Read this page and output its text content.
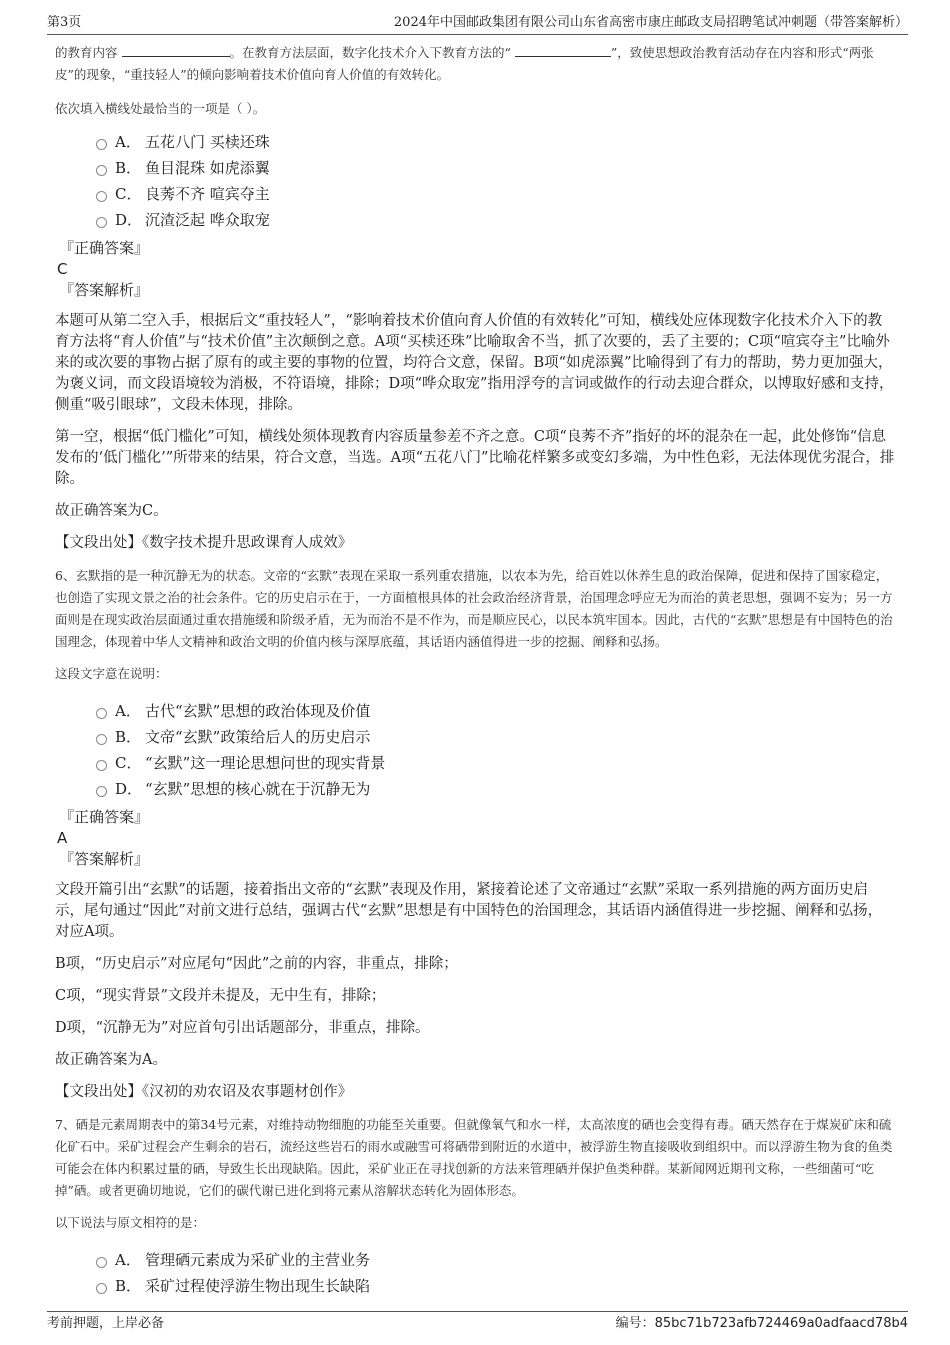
第3页	2024年中国邮政集团有限公司山东省高密市康庄邮政支局招聘笔试冲刺题（带答案解析）

的教育内容	。在教育方法层面，数字化技术介入下教育方法的“	”，致使思想政治教育活动存在内容和形式“两张皮”的现象，“重技轻人”的倾向影响着技术价值向育人价值的有效转化。

依次填入横线处最恰当的一项是（ ）。

A． 五花八门 买椟还珠
B． 鱼目混珠 如虎添翼
C． 良莠不齐 喧宾夺主
D． 沉渣泛起 哗众取宠

『正确答案』

C

『答案解析』

本题可从第二空入手，根据后文“重技轻人”，“影响着技术价值向育人价值的有效转化”可知，横线处应体现数字化技术介入下的教育方法将“育人价值”与“技术价值”主次颠倒之意。A项“买椟还珠”比喻取舍不当，抓了次要的，丢了主要的；C项“喧宾夺主”比喻外来的或次要的事物占据了原有的或主要的事物的位置，均符合文意，保留。B项“如虎添翼”比喻得到了有力的帮助，势力更加强大，为褒义词，而文段语境较为消极，不符语境，排除；D项“哗众取宠”指用浮夸的言词或做作的行动去迎合群众，以博取好感和支持，侧重“吸引眼球”，文段未体现，排除。

第一空，根据“低门槛化”可知，横线处须体现教育内容质量参差不齐之意。C项“良莠不齐”指好的坏的混杂在一起，此处修饰“信息发布的‘低门槛化’”所带来的结果，符合文意，当选。A项“五花八门”比喻花样繁多或变幻多端，为中性色彩，无法体现优劣混合，排除。

故正确答案为C。

【文段出处】《数字技术提升思政课育人成效》

6、玄默指的是一种沉静无为的状态。文帝的“玄默”表现在采取一系列重农措施，以农本为先，给百姓以休养生息的政治保障，促进和保持了国家稳定，也创造了实现文景之治的社会条件。它的历史启示在于，一方面植根具体的社会政治经济背景，治国理念呼应无为而治的黄老思想，强调不妄为；另一方面则是在现实政治层面通过重农措施缓和阶级矛盾，无为而治不是不作为，而是顺应民心，以民本筑牢国本。因此，古代的“玄默”思想是有中国特色的治国理念，体现着中华人文精神和政治文明的价值内核与深厚底蕴，其话语内涵值得进一步的挖掘、阐释和弘扬。

这段文字意在说明：

A． 古代“玄默”思想的政治体现及价值
B． 文帝“玄默”政策给后人的历史启示
C． “玄默”这一理论思想问世的现实背景
D． “玄默”思想的核心就在于沉静无为

『正确答案』

A

『答案解析』

文段开篇引出“玄默”的话题，接着指出文帝的“玄默”表现及作用，紧接着论述了文帝通过“玄默”采取一系列措施的两方面历史启示，尾句通过“因此”对前文进行总结，强调古代“玄默”思想是有中国特色的治国理念，其话语内涵值得进一步挖掘、阐释和弘扬，对应A项。

B项，“历史启示”对应尾句“因此”之前的内容，非重点，排除；

C项，“现实背景”文段并未提及，无中生有，排除；

D项，“沉静无为”对应首句引出话题部分，非重点，排除。

故正确答案为A。

【文段出处】《汉初的劝农诏及农事题材创作》

7、硒是元素周期表中的第34号元素，对维持动物细胞的功能至关重要。但就像氧气和水一样，太高浓度的硒也会变得有毒。硒天然存在于煤炭矿床和硫化矿石中。采矿过程会产生剩余的岩石，流经这些岩石的雨水或融雪可将硒带到附近的水道中，被浮游生物直接吸收到组织中。而以浮游生物为食的鱼类可能会在体内积累过量的硒，导致生长出现缺陷。因此，采矿业正在寻找创新的方法来管理硒并保护鱼类种群。某新闻网近期刊文称，一些细菌可“吃掉”硒。或者更确切地说，它们的碳代谢已进化到将元素从溶解状态转化为固体形态。

以下说法与原文相符的是：

A． 管理硒元素成为采矿业的主营业务
B． 采矿过程使浮游生物出现生长缺陷
考前押题，上岸必备	编号：85bc71b723afb724469a0adfaacd78b4
